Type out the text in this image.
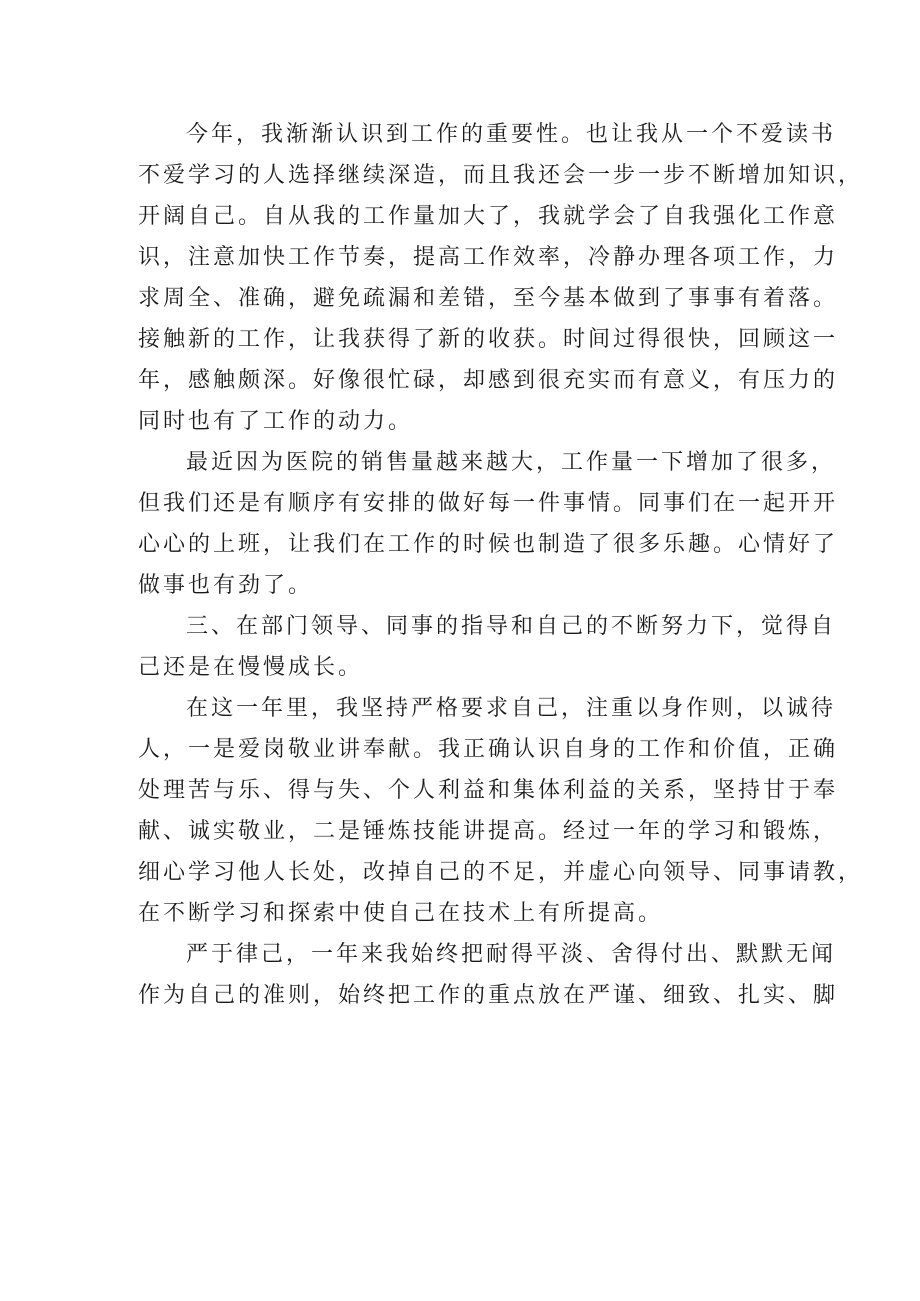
今年，我渐渐认识到工作的重要性。也让我从一个不爱读书
不爱学习的人选择继续深造，而且我还会一步一步不断增加知识，
开阔自己。自从我的工作量加大了，我就学会了自我强化工作意
识，注意加快工作节奏，提高工作效率，冷静办理各项工作，力
求周全、准确，避免疏漏和差错，至今基本做到了事事有着落。
接触新的工作，让我获得了新的收获。时间过得很快，回顾这一
年，感触颇深。好像很忙碌，却感到很充实而有意义，有压力的
同时也有了工作的动力。
最近因为医院的销售量越来越大，工作量一下增加了很多，
但我们还是有顺序有安排的做好每一件事情。同事们在一起开开
心心的上班，让我们在工作的时候也制造了很多乐趣。心情好了
做事也有劲了。
三、在部门领导、同事的指导和自己的不断努力下，觉得自
己还是在慢慢成长。
在这一年里，我坚持严格要求自己，注重以身作则，以诚待
人，一是爱岗敬业讲奉献。我正确认识自身的工作和价值，正确
处理苦与乐、得与失、个人利益和集体利益的关系，坚持甘于奉
献、诚实敬业，二是锤炼技能讲提高。经过一年的学习和锻炼，
细心学习他人长处，改掉自己的不足，并虚心向领导、同事请教，
在不断学习和探索中使自己在技术上有所提高。
严于律己，一年来我始终把耐得平淡、舍得付出、默默无闻
作为自己的准则，始终把工作的重点放在严谨、细致、扎实、脚
